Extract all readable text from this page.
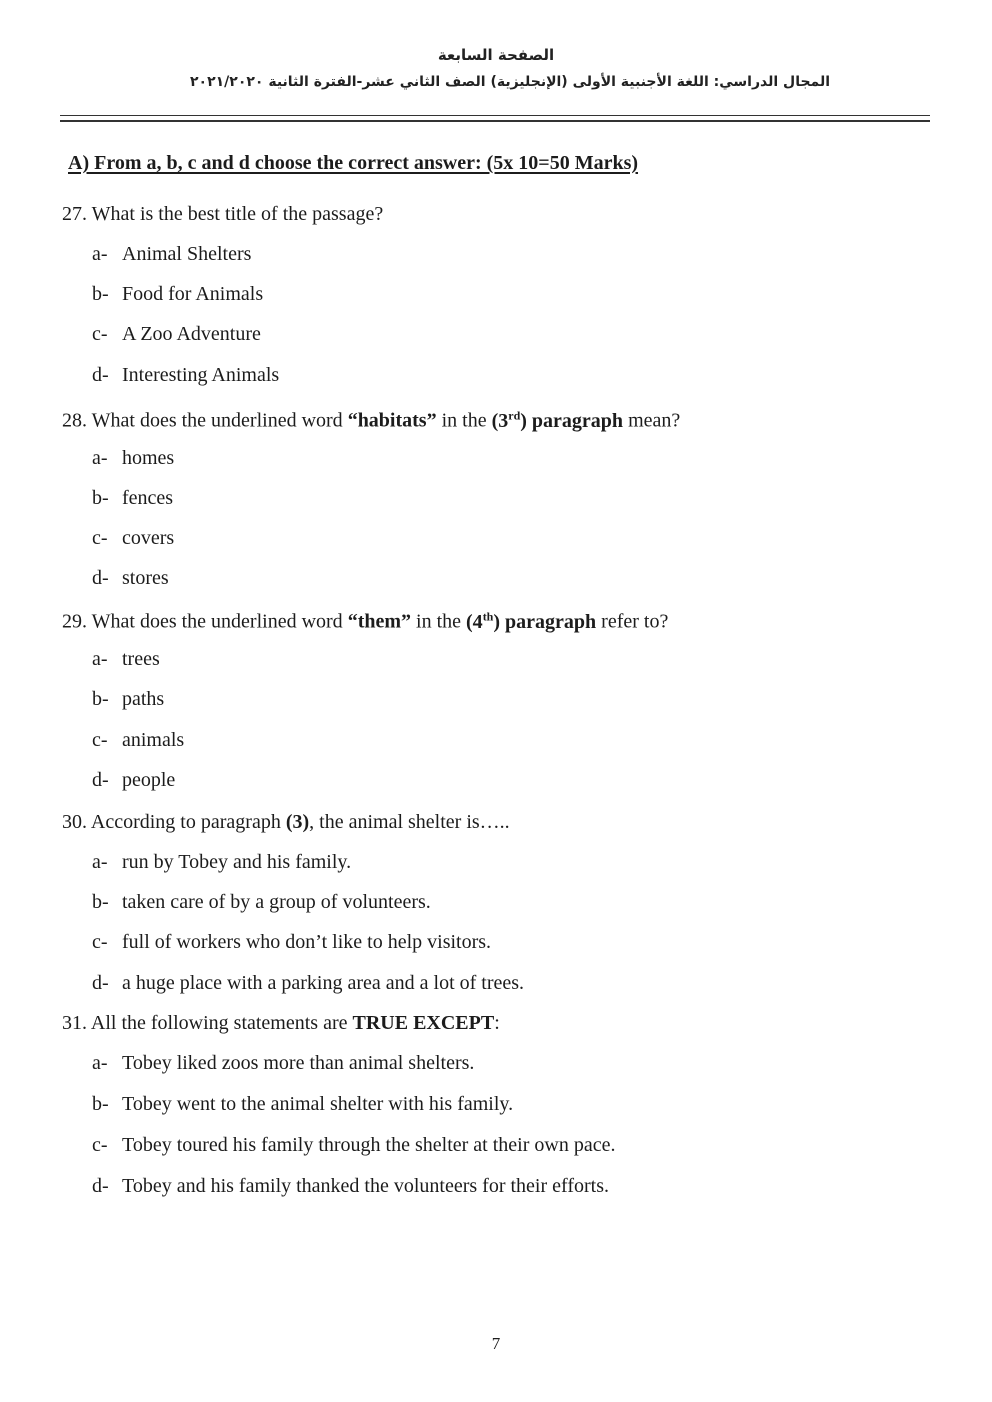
الصفحة السابعة
المجال الدراسي: اللغة الأجنبية الأولى (الإنجليزية) الصف الثاني عشر-الفترة الثانية ٢٠٢١/٢٠٢٠
A) From a, b, c and d choose the correct answer: (5x 10=50 Marks)
27. What is the best title of the passage?
a- Animal Shelters
b- Food for Animals
c- A Zoo Adventure
d- Interesting Animals
28. What does the underlined word “habitats” in the (3rd) paragraph mean?
a- homes
b- fences
c- covers
d- stores
29. What does the underlined word “them” in the (4th) paragraph refer to?
a- trees
b- paths
c- animals
d- people
30. According to paragraph (3), the animal shelter is…..
a- run by Tobey and his family.
b- taken care of by a group of volunteers.
c- full of workers who don’t like to help visitors.
d- a huge place with a parking area and a lot of trees.
31. All the following statements are TRUE EXCEPT:
a- Tobey liked zoos more than animal shelters.
b- Tobey went to the animal shelter with his family.
c- Tobey toured his family through the shelter at their own pace.
d- Tobey and his family thanked the volunteers for their efforts.
7
